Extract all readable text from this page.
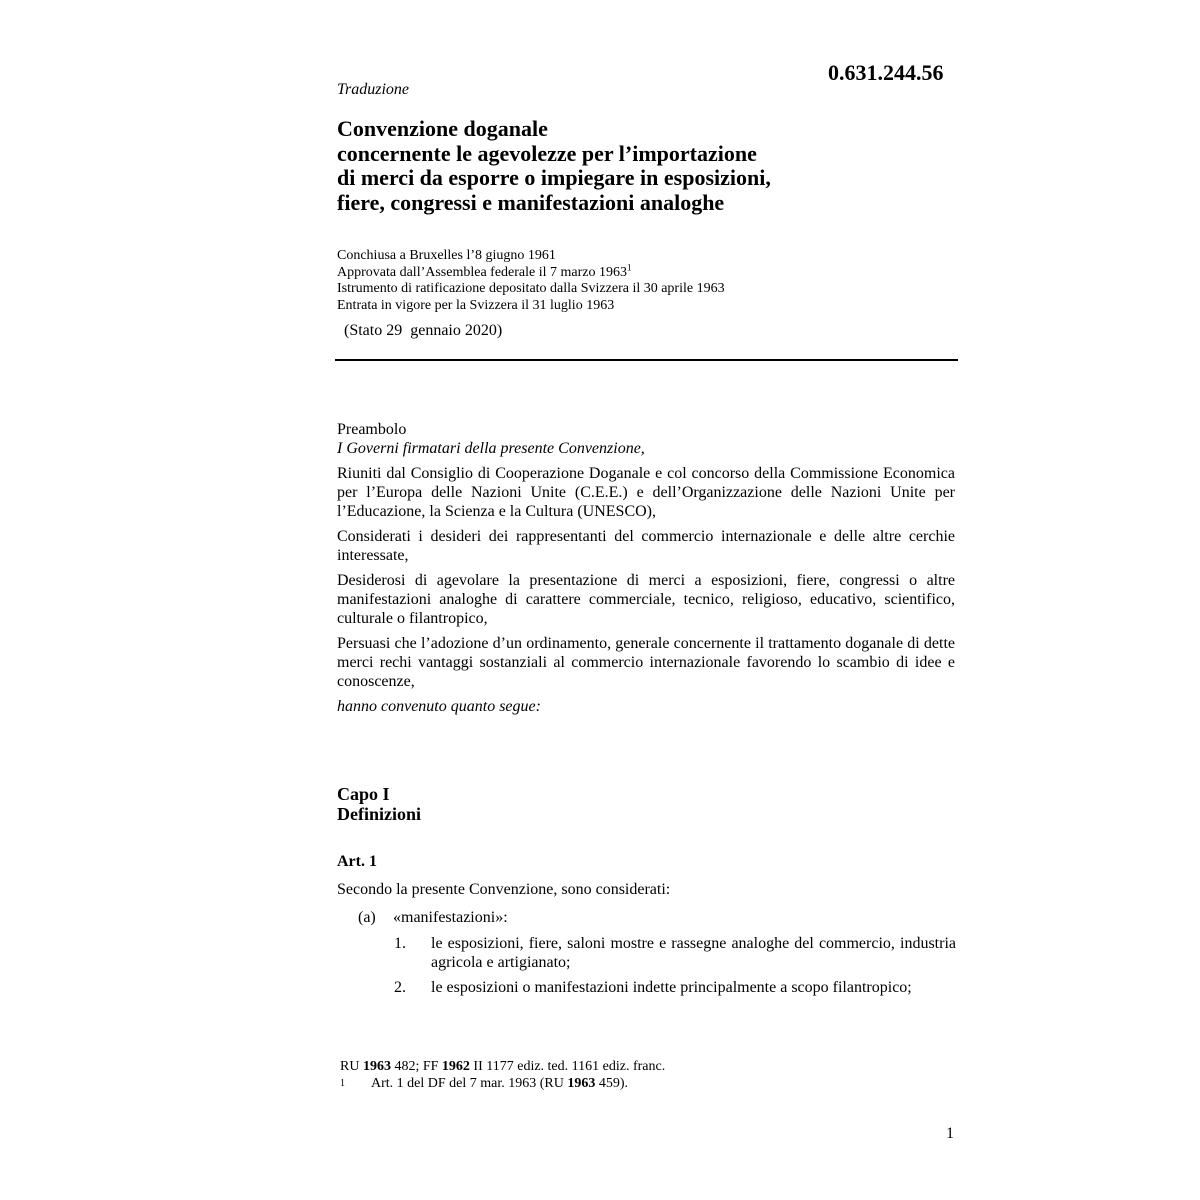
0.631.244.56
Traduzione
Convenzione doganale
concernente le agevolezze per l’importazione
di merci da esporre o impiegare in esposizioni,
fiere, congressi e manifestazioni analoghe
Conchiusa a Bruxelles l’8 giugno 1961
Approvata dall’Assemblea federale il 7 marzo 1963$^1$
Istrumento di ratificazione depositato dalla Svizzera il 30 aprile 1963
Entrata in vigore per la Svizzera il 31 luglio 1963
(Stato 29  gennaio 2020)

Preambolo

I Governi firmatari della presente Convenzione,

Riuniti dal Consiglio di Cooperazione Doganale e col concorso della Commissione Economica per l’Europa delle Nazioni Unite (C.E.E.) e dell’Organizzazione delle Nazioni Unite per l’Educazione, la Scienza e la Cultura (UNESCO),

Considerati i desideri dei rappresentanti del commercio internazionale e delle altre cerchie interessate,

Desiderosi di agevolare la presentazione di merci a esposizioni, fiere, congressi o altre manifestazioni analoghe di carattere commerciale, tecnico, religioso, educativo, scientifico, culturale o filantropico,

Persuasi che l’adozione d’un ordinamento, generale concernente il trattamento doganale di dette merci rechi vantaggi sostanziali al commercio internazionale favorendo lo scambio di idee e conoscenze,

hanno convenuto quanto segue:

Capo I
Definizioni
Art. 1
Secondo la presente Convenzione, sono considerati:
(a) «manifestazioni»:
1.	le esposizioni, fiere, saloni mostre e rassegne analoghe del commercio, industria agricola e artigianato;
2.	le esposizioni o manifestazioni indette principalmente a scopo filantropico;
RU 1963 482; FF 1962 II 1177 ediz. ted. 1161 ediz. franc.
1 Art. 1 del DF del 7 mar. 1963 (RU 1963 459).
1
